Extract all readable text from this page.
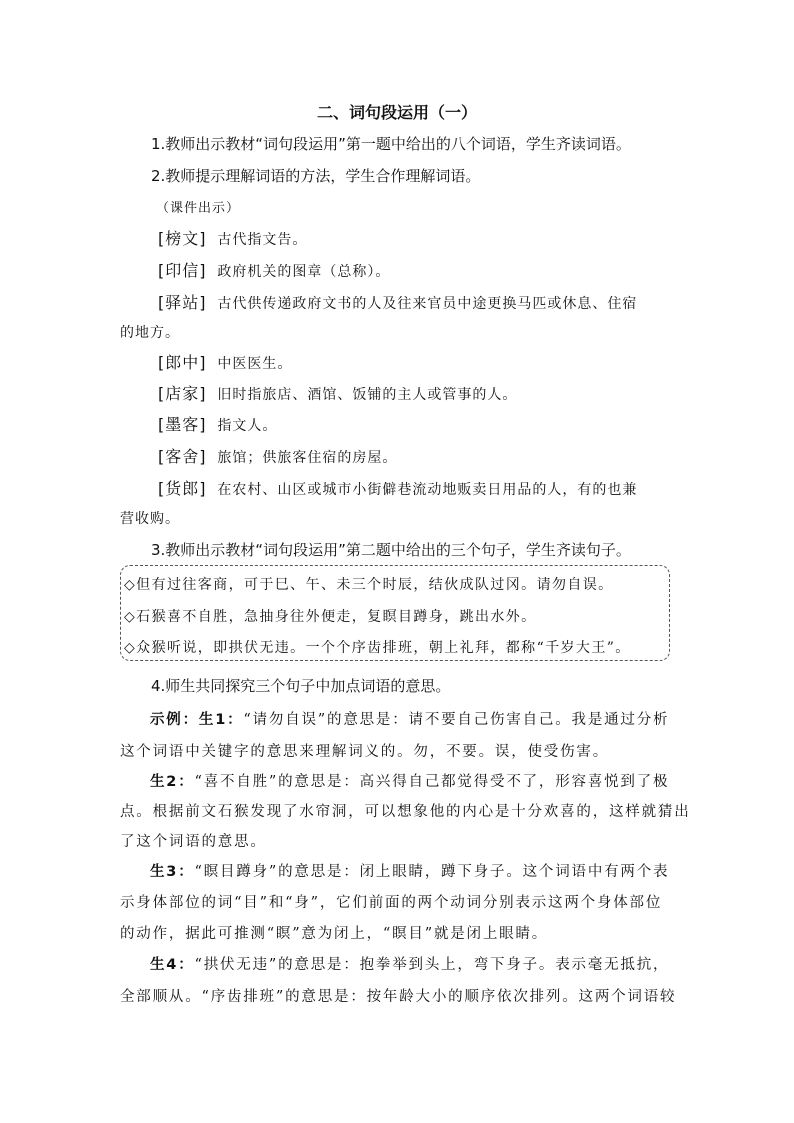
二、词句段运用（一）
1.教师出示教材“词句段运用”第一题中给出的八个词语，学生齐读词语。
2.教师提示理解词语的方法，学生合作理解词语。
（课件出示）
[榜文] 古代指文告。
[印信] 政府机关的图章（总称）。
[驿站] 古代供传递政府文书的人及往来官员中途更换马匹或休息、住宿
的地方。
[郎中] 中医医生。
[店家] 旧时指旅店、酒馆、饭铺的主人或管事的人。
[墨客] 指文人。
[客舍] 旅馆；供旅客住宿的房屋。
[货郎] 在农村、山区或城市小街僻巷流动地贩卖日用品的人，有的也兼
营收购。
3.教师出示教材“词句段运用”第二题中给出的三个句子，学生齐读句子。
◇但有过往客商，可于巳、午、未三个时辰，结伙成队过冈。请勿自误。
◇石猴喜不自胜，急抽身往外便走，复瞑目蹲身，跳出水外。
◇众猴听说，即拱伏无违。一个个序齿排班，朝上礼拜，都称“千岁大王”。
4.师生共同探究三个句子中加点词语的意思。
示例：生1：“请勿自误”的意思是：请不要自己伤害自己。我是通过分析
这个词语中关键字的意思来理解词义的。勿，不要。误，使受伤害。
生2：“喜不自胜”的意思是：高兴得自己都觉得受不了，形容喜悦到了极
点。根据前文石猴发现了水帘洞，可以想象他的内心是十分欢喜的，这样就猜出
了这个词语的意思。
生3：“瞑目蹲身”的意思是：闭上眼睛，蹲下身子。这个词语中有两个表
示身体部位的词“目”和“身”，它们前面的两个动词分别表示这两个身体部位
的动作，据此可推测“瞑”意为闭上，“瞑目”就是闭上眼睛。
生4：“拱伏无违”的意思是：抱拳举到头上，弯下身子。表示毫无抵抗，
全部顺从。“序齿排班”的意思是：按年龄大小的顺序依次排列。这两个词语较
